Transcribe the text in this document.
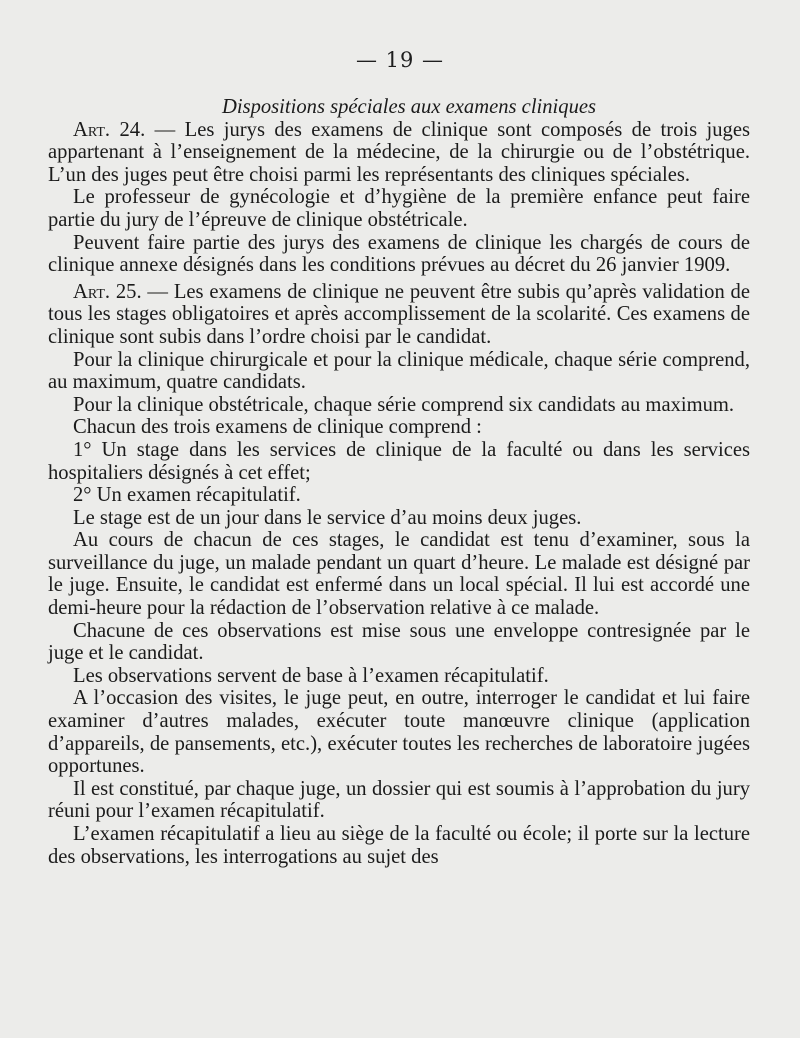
— 19 —

Dispositions spéciales aux examens cliniques

Art. 24. — Les jurys des examens de clinique sont composés de trois juges appartenant à l’enseignement de la médecine, de la chirurgie ou de l’obstétrique. L’un des juges peut être choisi parmi les représentants des cliniques spéciales.

Le professeur de gynécologie et d’hygiène de la première enfance peut faire partie du jury de l’épreuve de clinique obstétricale.

Peuvent faire partie des jurys des examens de clinique les chargés de cours de clinique annexe désignés dans les conditions prévues au décret du 26 janvier 1909.

Art. 25. — Les examens de clinique ne peuvent être subis qu’après validation de tous les stages obligatoires et après accomplissement de la scolarité. Ces examens de clinique sont subis dans l’ordre choisi par le candidat.

Pour la clinique chirurgicale et pour la clinique médicale, chaque série comprend, au maximum, quatre candidats.

Pour la clinique obstétricale, chaque série comprend six candidats au maximum.

Chacun des trois examens de clinique comprend :

1° Un stage dans les services de clinique de la faculté ou dans les services hospitaliers désignés à cet effet;

2° Un examen récapitulatif.

Le stage est de un jour dans le service d’au moins deux juges.

Au cours de chacun de ces stages, le candidat est tenu d’examiner, sous la surveillance du juge, un malade pendant un quart d’heure. Le malade est désigné par le juge. Ensuite, le candidat est enfermé dans un local spécial. Il lui est accordé une demi-heure pour la rédaction de l’observation relative à ce malade.

Chacune de ces observations est mise sous une enveloppe contresignée par le juge et le candidat.

Les observations servent de base à l’examen récapitulatif.

A l’occasion des visites, le juge peut, en outre, interroger le candidat et lui faire examiner d’autres malades, exécuter toute manœuvre clinique (application d’appareils, de pansements, etc.), exécuter toutes les recherches de laboratoire jugées opportunes.

Il est constitué, par chaque juge, un dossier qui est soumis à l’approbation du jury réuni pour l’examen récapitulatif.

L’examen récapitulatif a lieu au siège de la faculté ou école; il porte sur la lecture des observations, les interrogations au sujet des
